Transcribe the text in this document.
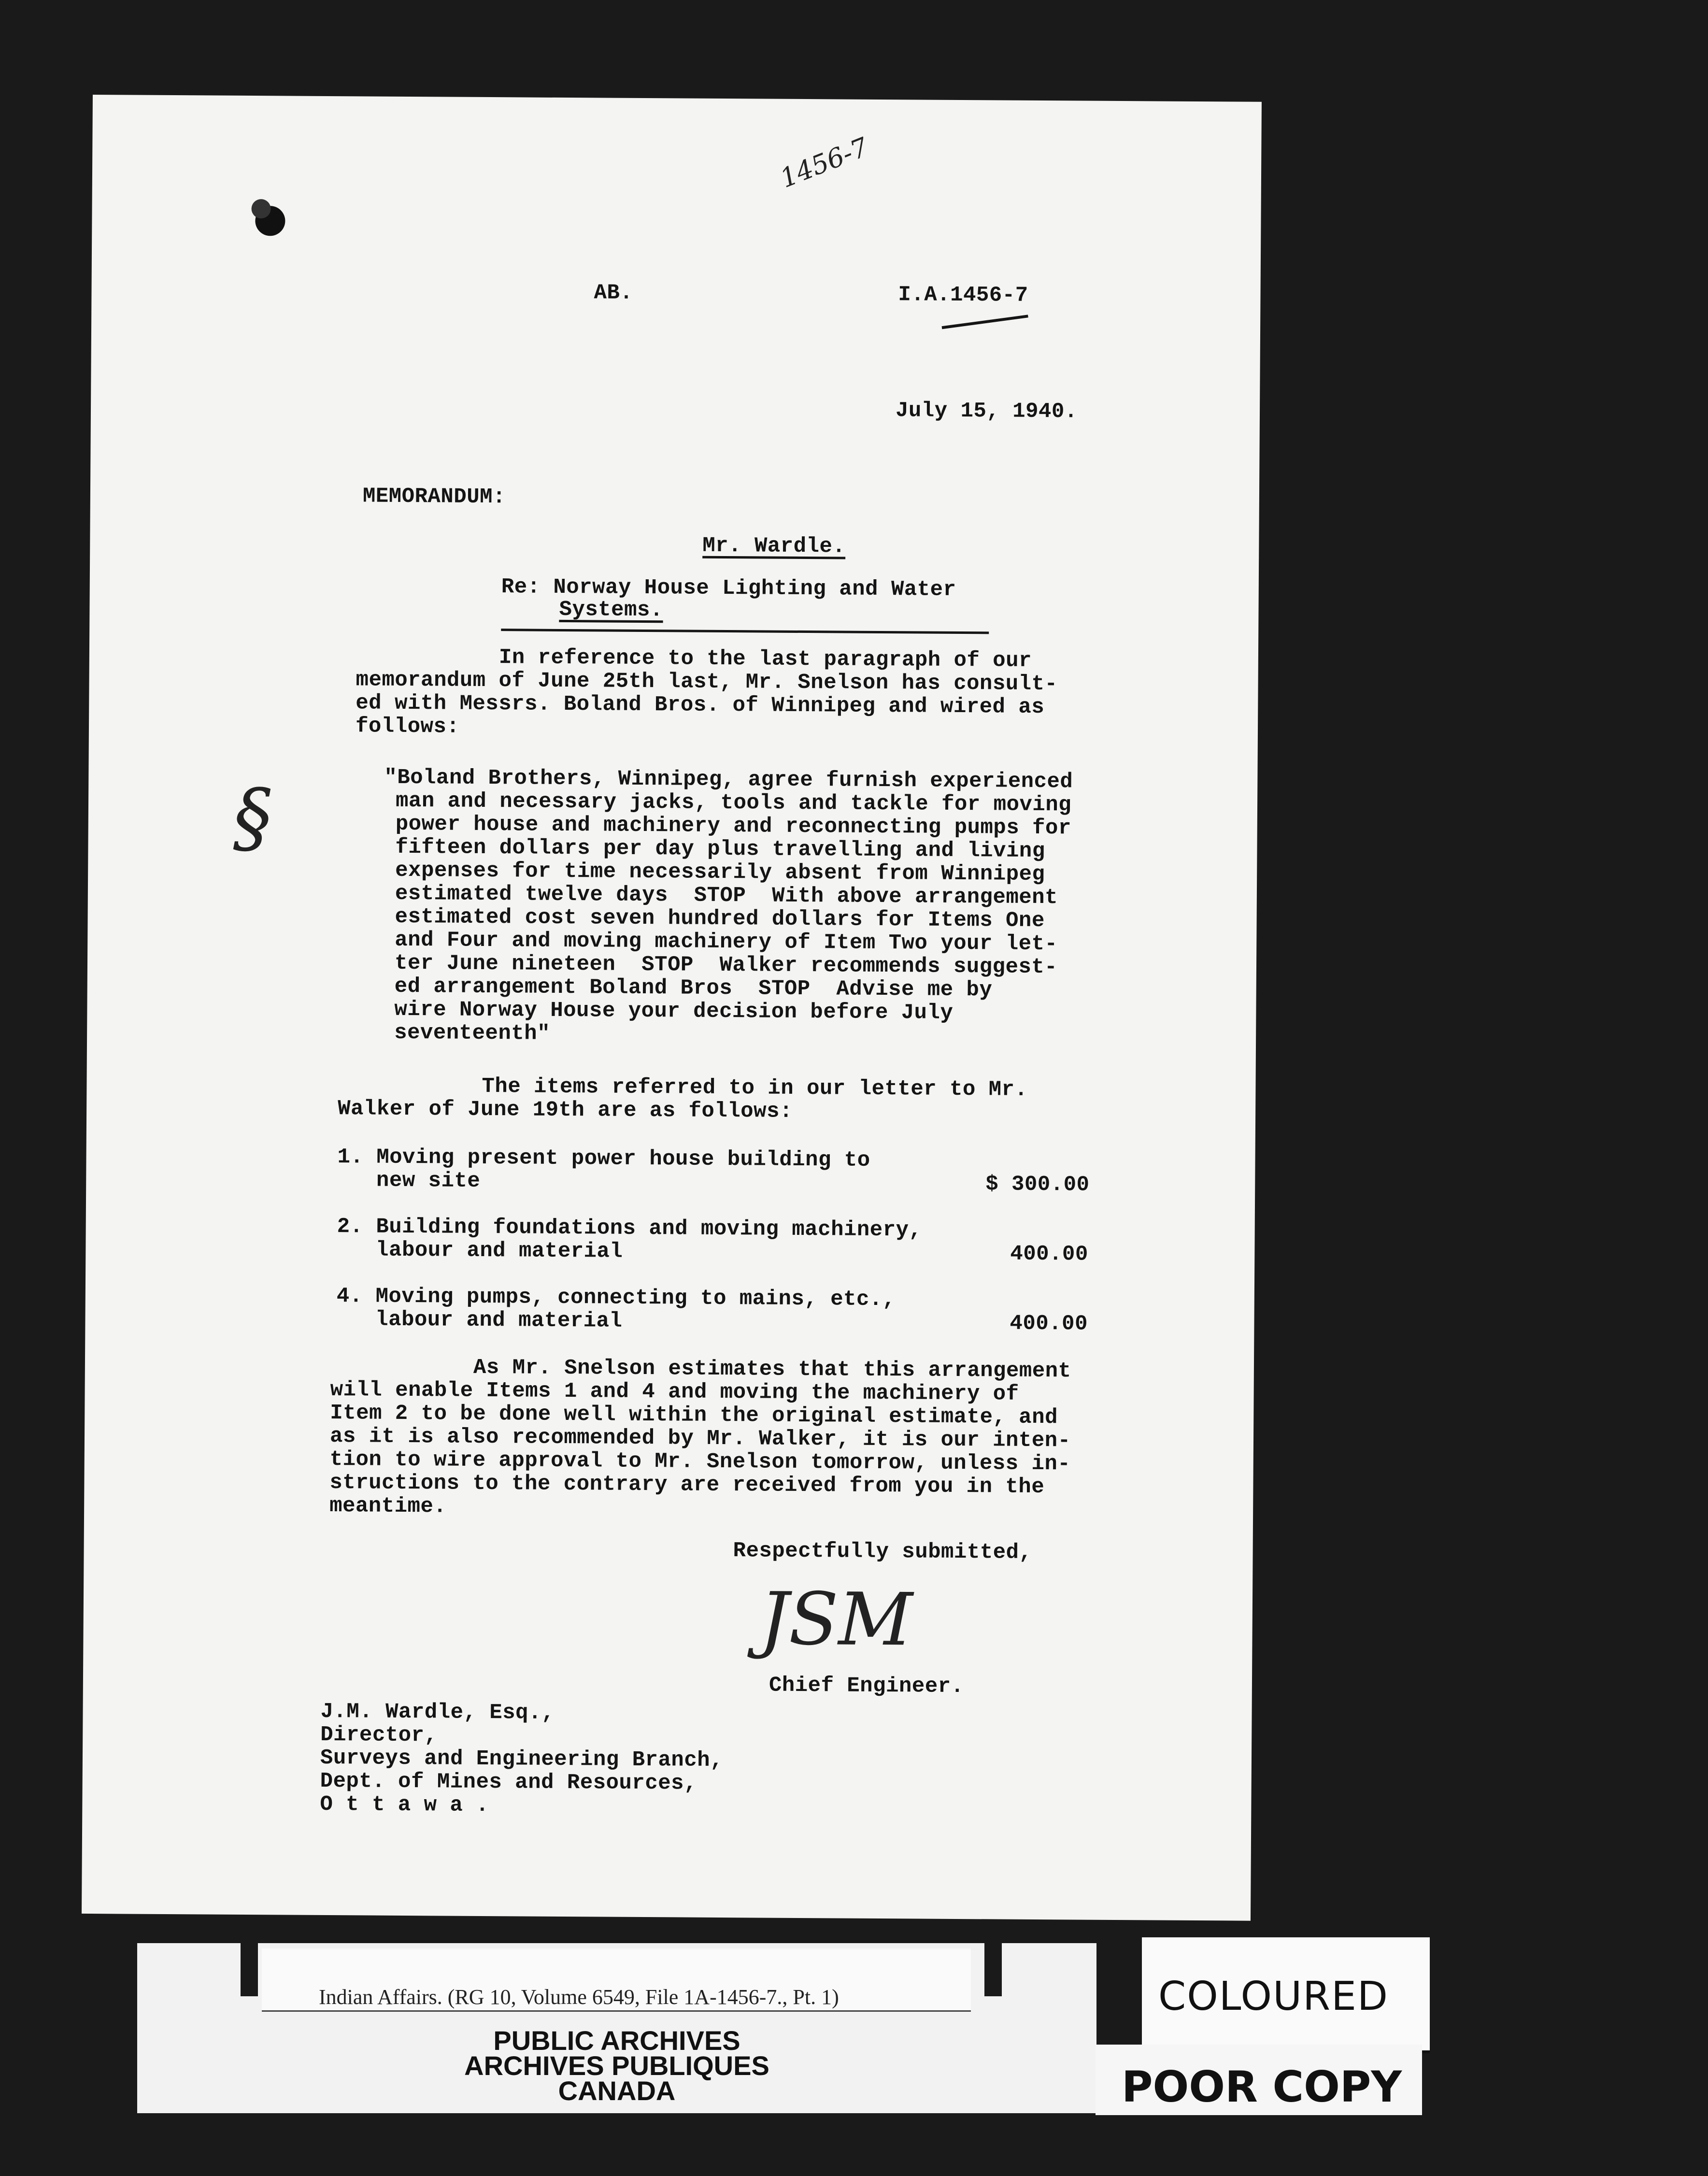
1456-7
AB.	I.A.1456-7
July 15, 1940.
MEMORANDUM:
Mr. Wardle.
Re: Norway House Lighting and Water
Systems.
In reference to the last paragraph of our
memorandum of June 25th last, Mr. Snelson has consult-
ed with Messrs. Boland Bros. of Winnipeg and wired as
follows:
"Boland Brothers, Winnipeg, agree furnish experienced
man and necessary jacks, tools and tackle for moving
power house and machinery and reconnecting pumps for
fifteen dollars per day plus travelling and living
expenses for time necessarily absent from Winnipeg
estimated twelve days  STOP  With above arrangement
estimated cost seven hundred dollars for Items One
and Four and moving machinery of Item Two your let-
ter June nineteen  STOP  Walker recommends suggest-
ed arrangement Boland Bros  STOP  Advise me by
wire Norway House your decision before July
seventeenth"
§
The items referred to in our letter to Mr.
Walker of June 19th are as follows:
1. Moving present power house building to
new site	$ 300.00
2. Building foundations and moving machinery,
labour and material	400.00
4. Moving pumps, connecting to mains, etc.,
labour and material	400.00
As Mr. Snelson estimates that this arrangement
will enable Items 1 and 4 and moving the machinery of
Item 2 to be done well within the original estimate, and
as it is also recommended by Mr. Walker, it is our inten-
tion to wire approval to Mr. Snelson tomorrow, unless in-
structions to the contrary are received from you in the
meantime.
Respectfully submitted,
JSM
Chief Engineer.
J.M. Wardle, Esq.,
Director,
Surveys and Engineering Branch,
Dept. of Mines and Resources,
O t t a w a .
Indian Affairs. (RG 10, Volume 6549, File 1A-1456-7., Pt. 1)
PUBLIC ARCHIVES
ARCHIVES PUBLIQUES
CANADA
COLOURED
POOR COPY
